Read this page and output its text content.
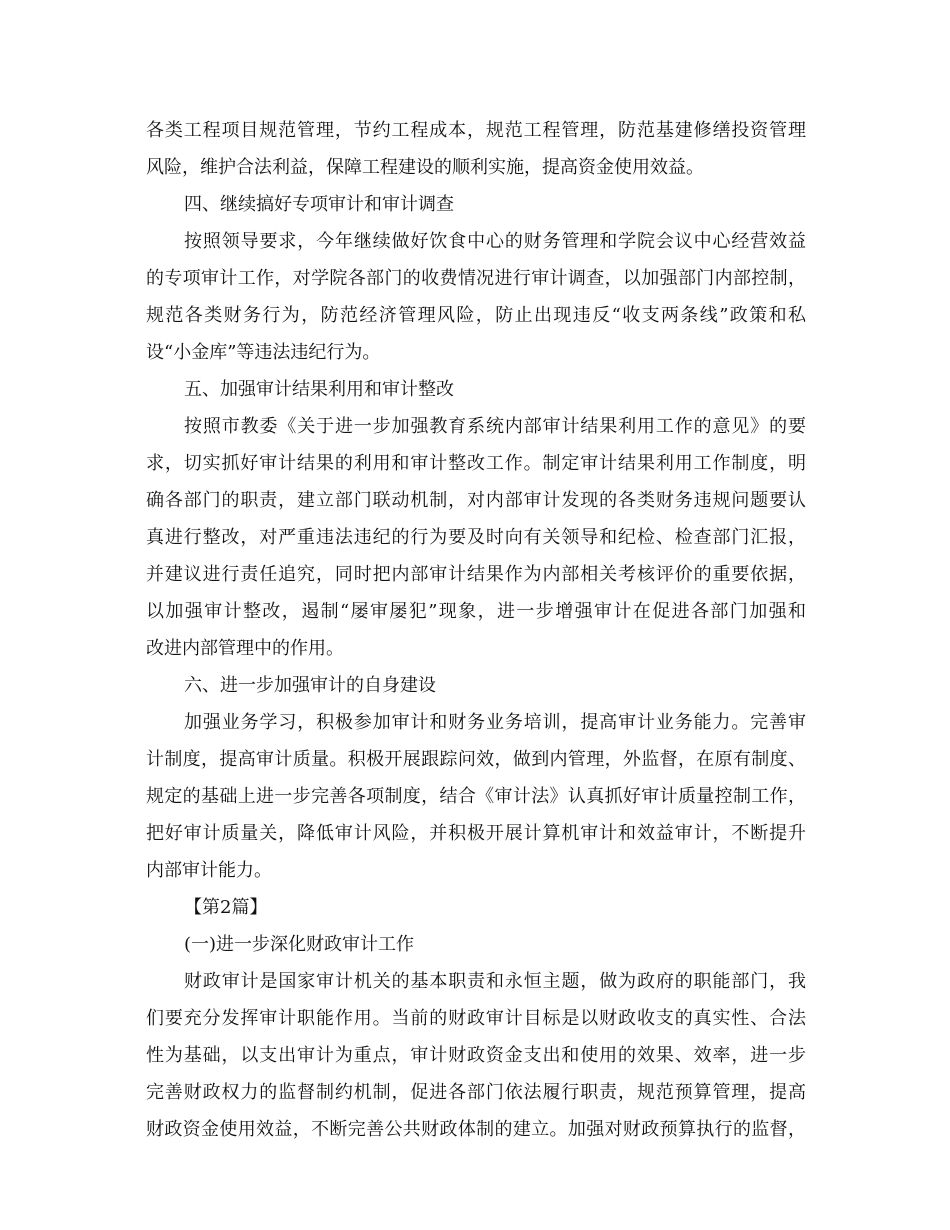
各类工程项目规范管理，节约工程成本，规范工程管理，防范基建修缮投资管理
风险，维护合法利益，保障工程建设的顺利实施，提高资金使用效益。
四、继续搞好专项审计和审计调查
按照领导要求，今年继续做好饮食中心的财务管理和学院会议中心经营效益
的专项审计工作，对学院各部门的收费情况进行审计调查，以加强部门内部控制，
规范各类财务行为，防范经济管理风险，防止出现违反“收支两条线”政策和私
设“小金库”等违法违纪行为。
五、加强审计结果利用和审计整改
按照市教委《关于进一步加强教育系统内部审计结果利用工作的意见》的要
求，切实抓好审计结果的利用和审计整改工作。制定审计结果利用工作制度，明
确各部门的职责，建立部门联动机制，对内部审计发现的各类财务违规问题要认
真进行整改，对严重违法违纪的行为要及时向有关领导和纪检、检查部门汇报，
并建议进行责任追究，同时把内部审计结果作为内部相关考核评价的重要依据，
以加强审计整改，遏制“屡审屡犯”现象，进一步增强审计在促进各部门加强和
改进内部管理中的作用。
六、进一步加强审计的自身建设
加强业务学习，积极参加审计和财务业务培训，提高审计业务能力。完善审
计制度，提高审计质量。积极开展跟踪问效，做到内管理，外监督，在原有制度、
规定的基础上进一步完善各项制度，结合《审计法》认真抓好审计质量控制工作，
把好审计质量关，降低审计风险，并积极开展计算机审计和效益审计，不断提升
内部审计能力。
【第2篇】
(一)进一步深化财政审计工作
财政审计是国家审计机关的基本职责和永恒主题，做为政府的职能部门，我
们要充分发挥审计职能作用。当前的财政审计目标是以财政收支的真实性、合法
性为基础，以支出审计为重点，审计财政资金支出和使用的效果、效率，进一步
完善财政权力的监督制约机制，促进各部门依法履行职责，规范预算管理，提高
财政资金使用效益，不断完善公共财政体制的建立。加强对财政预算执行的监督，
